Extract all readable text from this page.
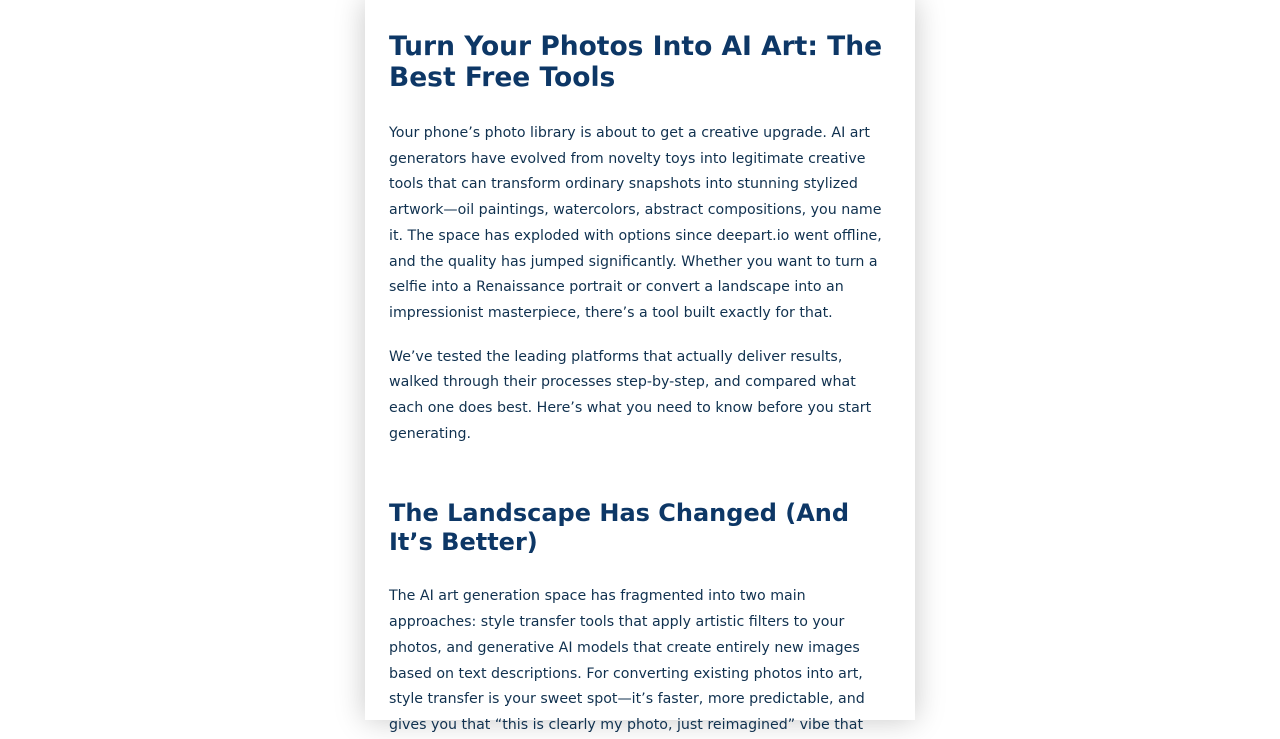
Turn Your Photos Into AI Art: The Best Free Tools

Your phone’s photo library is about to get a creative upgrade. AI art generators have evolved from novelty toys into legitimate creative tools that can transform ordinary snapshots into stunning stylized artwork—oil paintings, watercolors, abstract compositions, you name it. The space has exploded with options since deepart.io went offline, and the quality has jumped significantly. Whether you want to turn a selfie into a Renaissance portrait or convert a landscape into an impressionist masterpiece, there’s a tool built exactly for that.

We’ve tested the leading platforms that actually deliver results, walked through their processes step-by-step, and compared what each one does best. Here’s what you need to know before you start generating.

The Landscape Has Changed (And It’s Better)

The AI art generation space has fragmented into two main approaches: style transfer tools that apply artistic filters to your photos, and generative AI models that create entirely new images based on text descriptions. For converting existing photos into art, style transfer is your sweet spot—it’s faster, more predictable, and gives you that “this is clearly my photo, just reimagined” vibe that
